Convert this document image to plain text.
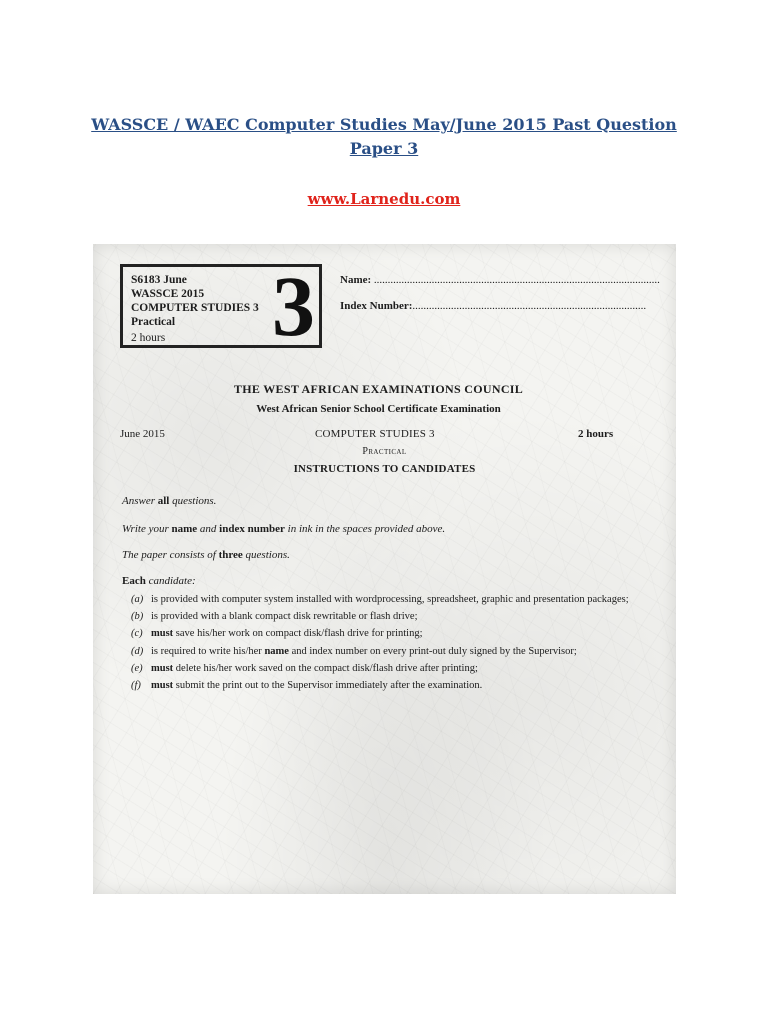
WASSCE / WAEC Computer Studies May/June 2015 Past Question
Paper 3
www.Larnedu.com
S6183 June
WASSCE 2015
COMPUTER STUDIES 3
Practical
2 hours	3 Name: ........................................................................................................
Index Number:.....................................................................................
THE WEST AFRICAN EXAMINATIONS COUNCIL
West African Senior School Certificate Examination
June 2015	COMPUTER STUDIES 3	2 hours
Practical
INSTRUCTIONS TO CANDIDATES
Answer all questions.
Write your name and index number in ink in the spaces provided above.
The paper consists of three questions.
Each candidate:
(a) is provided with computer system installed with wordprocessing, spreadsheet, graphic and presentation packages;
(b) is provided with a blank compact disk rewritable or flash drive;
(c) must save his/her work on compact disk/flash drive for printing;
(d) is required to write his/her name and index number on every print-out duly signed by the Supervisor;
(e) must delete his/her work saved on the compact disk/flash drive after printing;
(f) must submit the print out to the Supervisor immediately after the examination.
